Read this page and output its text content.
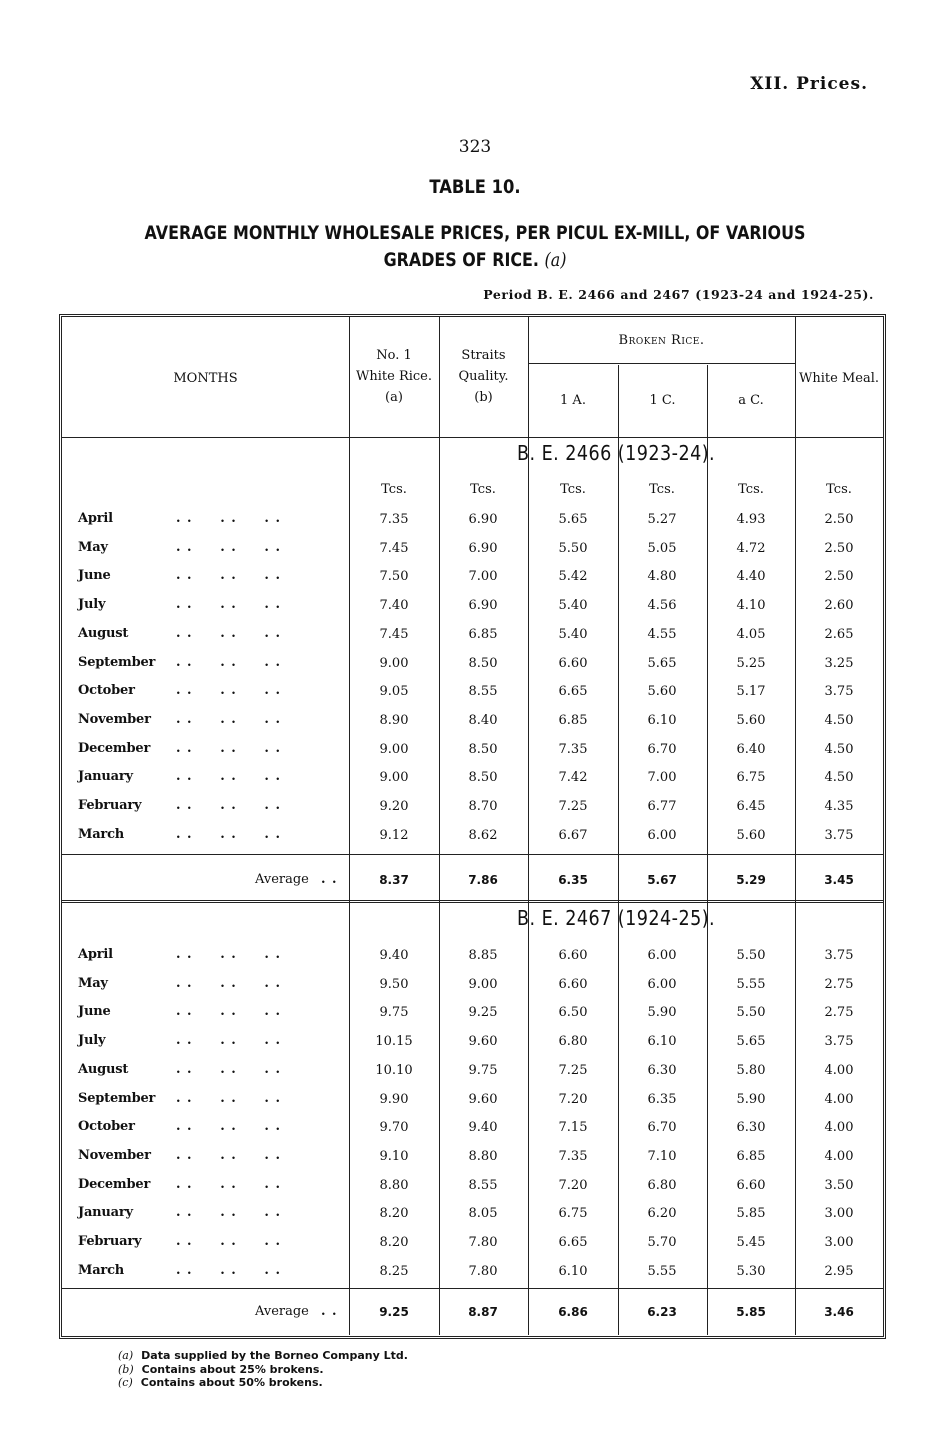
XII. Prices.
323
TABLE 10.
AVERAGE MONTHLY WHOLESALE PRICES, PER PICUL EX-MILL, OF VARIOUS
GRADES OF RICE. (a)
Period B. E. 2466 and 2467 (1923-24 and 1924-25).
MONTHS
No. 1
White Rice.
(a)
Straits
Quality.
(b)
Broken Rice.
1 A.	1 C.	a C.
White Meal.
B. E. 2466 (1923-24).
B. E. 2467 (1924-25).
Tcs.	Tcs.	Tcs.	Tcs.	Tcs.	Tcs.
April	. .     . .     . .	7.35	6.90	5.65	5.27	4.93	2.50
May	. .     . .     . .	7.45	6.90	5.50	5.05	4.72	2.50
June	. .     . .     . .	7.50	7.00	5.42	4.80	4.40	2.50
July	. .     . .     . .	7.40	6.90	5.40	4.56	4.10	2.60
August	. .     . .     . .	7.45	6.85	5.40	4.55	4.05	2.65
September . .     . .     . .	9.00	8.50	6.60	5.65	5.25	3.25
October	. .     . .     . .	9.05	8.55	6.65	5.60	5.17	3.75
November . .     . .     . .	8.90	8.40	6.85	6.10	5.60	4.50
December . .     . .     . .	9.00	8.50	7.35	6.70	6.40	4.50
January	. .     . .     . .	9.00	8.50	7.42	7.00	6.75	4.50
February	. .     . .     . .	9.20	8.70	7.25	6.77	6.45	4.35
March	. .     . .     . .	9.12	8.62	6.67	6.00	5.60	3.75
Average . .	8.37	7.86	6.35	5.67	5.29	3.45
April	. .     . .     . .	9.40	8.85	6.60	6.00	5.50	3.75
May	. .     . .     . .	9.50	9.00	6.60	6.00	5.55	2.75
June	. .     . .     . .	9.75	9.25	6.50	5.90	5.50	2.75
July	. .     . .     . .	10.15	9.60	6.80	6.10	5.65	3.75
August	. .     . .     . .	10.10	9.75	7.25	6.30	5.80	4.00
September . .     . .     . .	9.90	9.60	7.20	6.35	5.90	4.00
October	. .     . .     . .	9.70	9.40	7.15	6.70	6.30	4.00
November . .     . .     . .	9.10	8.80	7.35	7.10	6.85	4.00
December . .     . .     . .	8.80	8.55	7.20	6.80	6.60	3.50
January	. .     . .     . .	8.20	8.05	6.75	6.20	5.85	3.00
February	. .     . .     . .	8.20	7.80	6.65	5.70	5.45	3.00
March	. .     . .     . .	8.25	7.80	6.10	5.55	5.30	2.95
Average . .	9.25	8.87	6.86	6.23	5.85	3.46
(a) Data supplied by the Borneo Company Ltd.
(b) Contains about 25% brokens.
(c) Contains about 50% brokens.
